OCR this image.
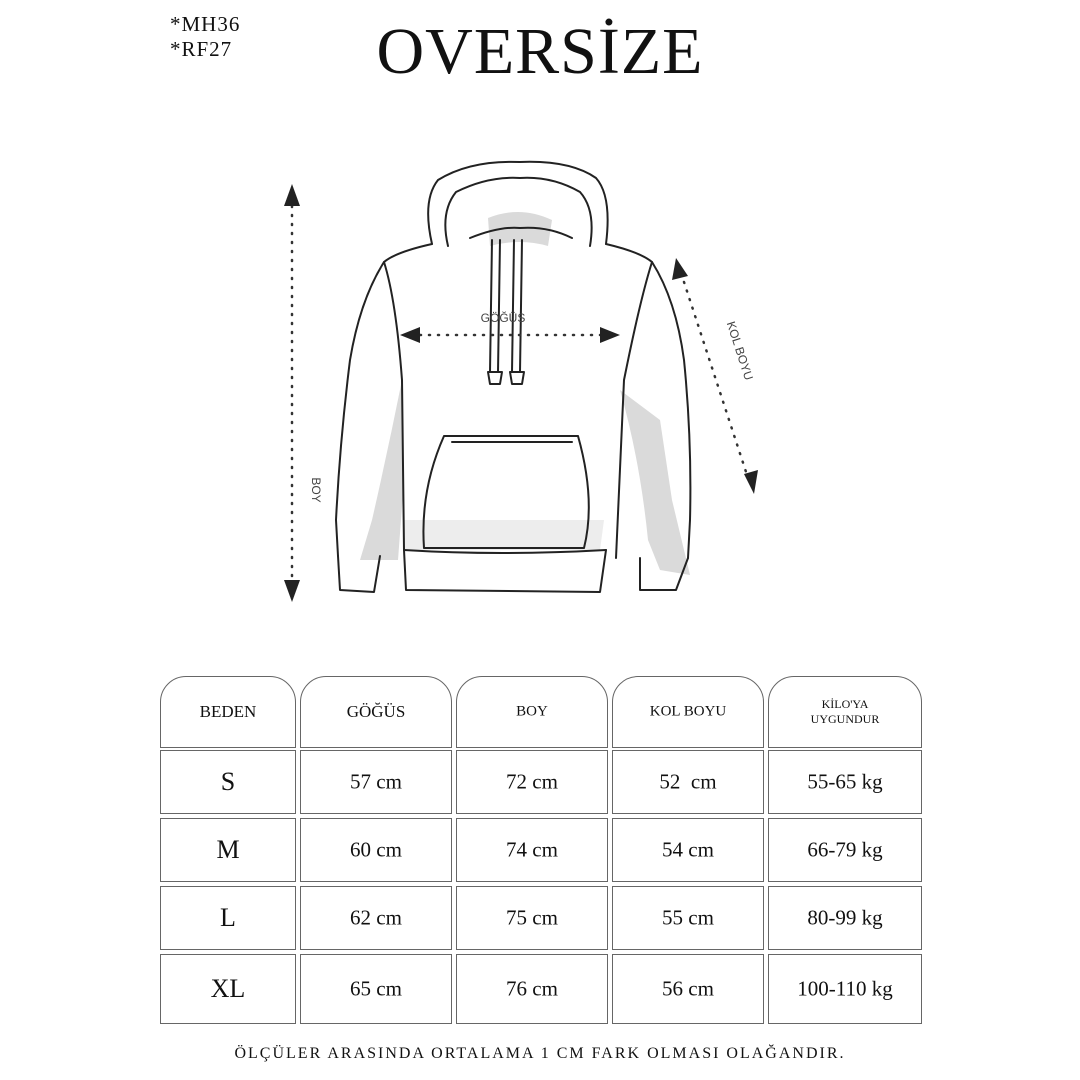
*MH36
*RF27	OVERSİZE
BOY
GÖĞÜS
KOL BOYU
BEDEN	GÖĞÜS	BOY	KOL BOYU	KİLO'YA
UYGUNDUR
S	57 cm	72 cm	52  cm	55-65 kg
M	60 cm	74 cm	54 cm	66-79 kg
L	62 cm	75 cm	55 cm	80-99 kg
XL	65 cm	76 cm	56 cm	100-110 kg
ÖLÇÜLER ARASINDA ORTALAMA 1 CM FARK OLMASI OLAĞANDIR.
